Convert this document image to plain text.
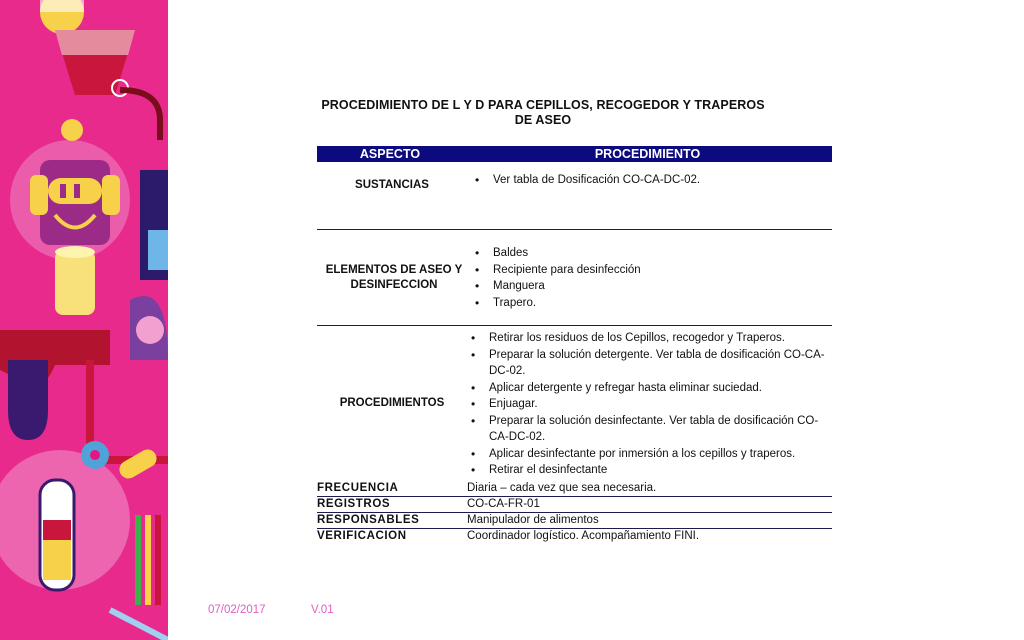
PROCEDIMIENTO DE L Y D PARA CEPILLOS, RECOGEDOR Y TRAPEROS DE ASEO
ASPECTO	PROCEDIMIENTO
SUSTANCIAS
•	Ver tabla de Dosificación CO-CA-DC-02.
ELEMENTOS DE ASEO Y DESINFECCION
• Baldes
• Recipiente para desinfección
• Manguera
• Trapero.
PROCEDIMIENTOS
• Retirar los residuos de los Cepillos, recogedor y Traperos.
• Preparar la solución detergente. Ver tabla de dosificación CO-CA-DC-02.
• Aplicar detergente y refregar hasta eliminar suciedad.
• Enjuagar.
• Preparar la solución desinfectante. Ver tabla de dosificación CO-CA-DC-02.
• Aplicar desinfectante por inmersión a los cepillos y traperos.
• Retirar el desinfectante
FRECUENCIA	Diaria – cada vez que sea necesaria.
REGISTROS	CO-CA-FR-01
RESPONSABLES	Manipulador de alimentos
VERIFICACION	Coordinador logístico. Acompañamiento FINI.
07/02/2017	V.01
